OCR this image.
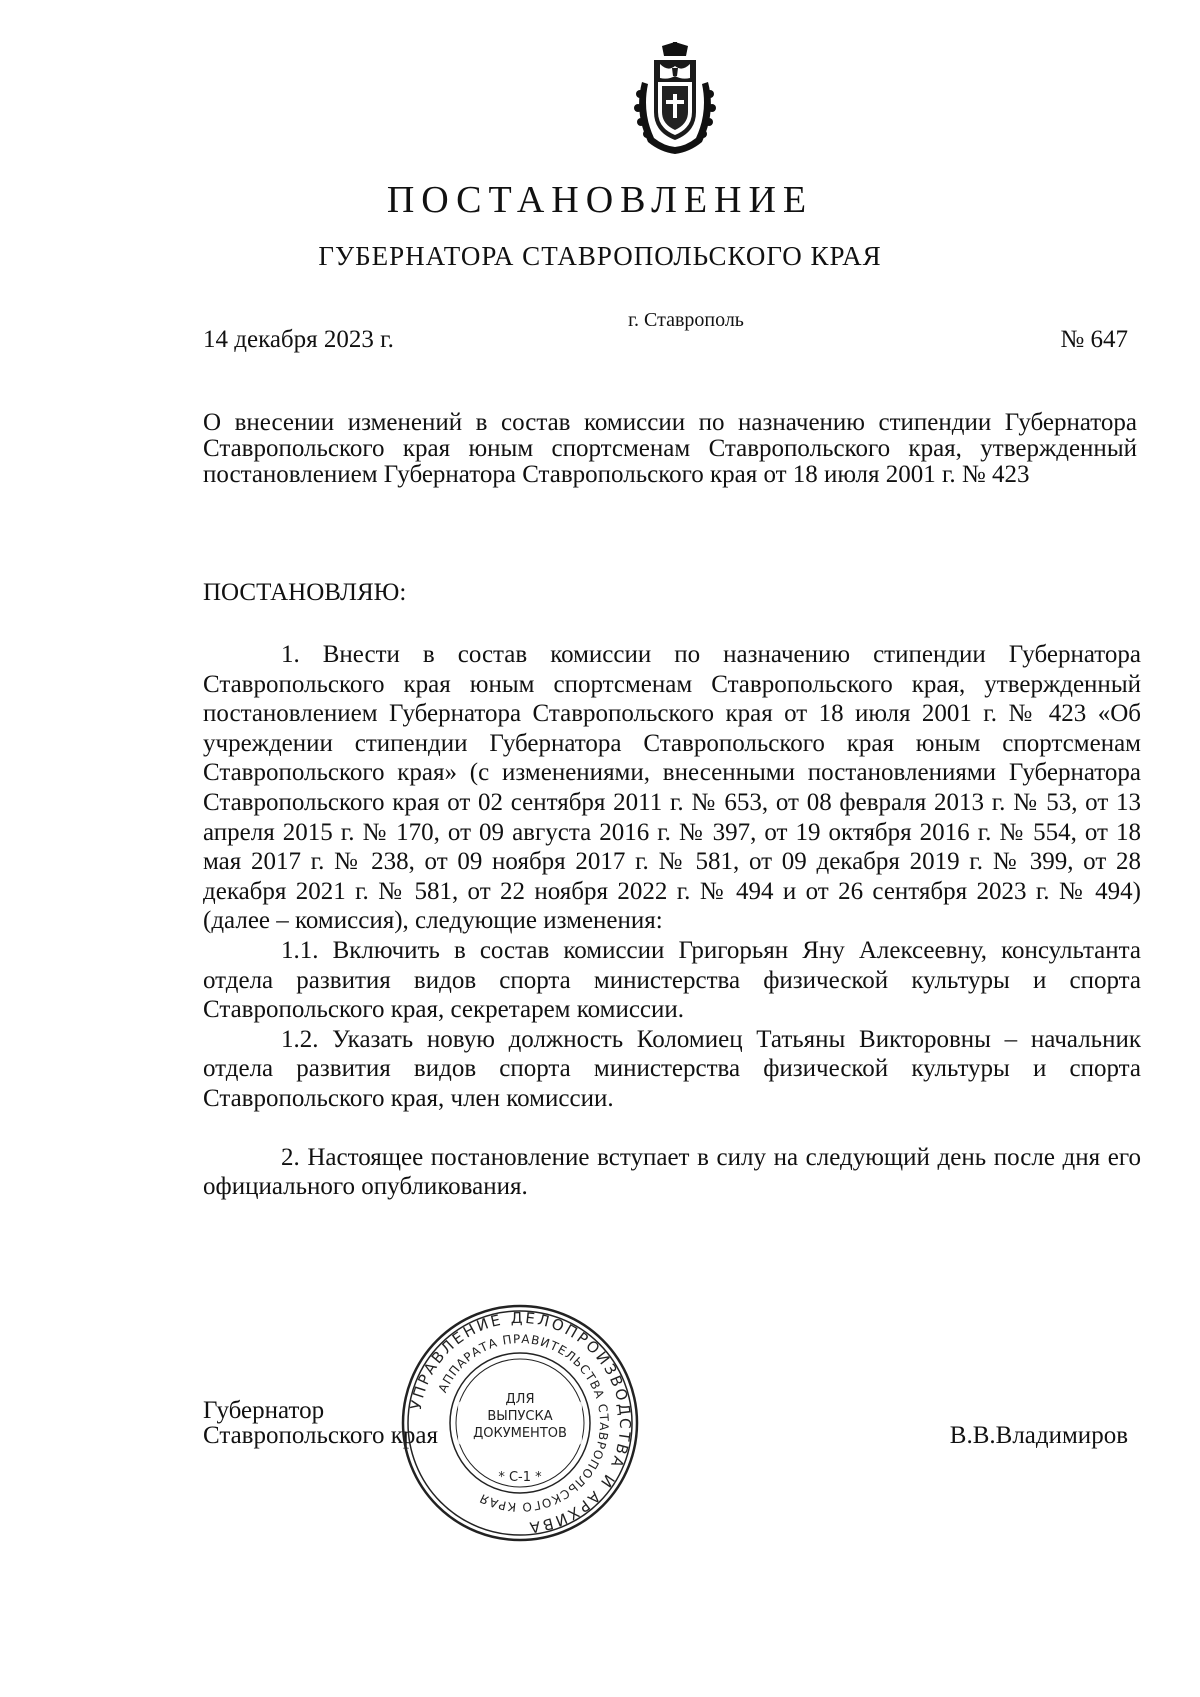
ПОСТАНОВЛЕНИЕ
ГУБЕРНАТОРА СТАВРОПОЛЬСКОГО КРАЯ
14 декабря 2023 г.
г. Ставрополь
№ 647
О внесении изменений в состав комиссии по назначению стипендии Губернатора Ставропольского края юным спортсменам Ставропольского края, утвержденный постановлением Губернатора Ставропольского края от 18 июля 2001 г. № 423
ПОСТАНОВЛЯЮ:

1. Внести в состав комиссии по назначению стипендии Губернатора Ставропольского края юным спортсменам Ставропольского края, утвержденный постановлением Губернатора Ставропольского края от 18 июля 2001 г. № 423 «Об учреждении стипендии Губернатора Ставропольского края юным спортсменам Ставропольского края» (с изменениями, внесенными постановлениями Губернатора Ставропольского края от 02 сентября 2011 г. № 653, от 08 февраля 2013 г. № 53, от 13 апреля 2015 г. № 170, от 09 августа 2016 г. № 397, от 19 октября 2016 г. № 554, от 18 мая 2017 г. № 238, от 09 ноября 2017 г. № 581, от 09 декабря 2019 г. № 399, от 28 декабря 2021 г. № 581, от 22 ноября 2022 г. № 494 и от 26 сентября 2023 г. № 494) (далее – комиссия), следующие изменения:

1.1. Включить в состав комиссии Григорьян Яну Алексеевну, консультанта отдела развития видов спорта министерства физической культуры и спорта Ставропольского края, секретарем комиссии.

1.2. Указать новую должность Коломиец Татьяны Викторовны – начальник отдела развития видов спорта министерства физической культуры и спорта Ставропольского края, член комиссии.

2. Настоящее постановление вступает в силу на следующий день после дня его официального опубликования.

Губернатор
Ставропольского края	В.В.Владимиров
УПРАВЛЕНИЕ ДЕЛОПРОИЗВОДСТВА И АРХИВА
АППАРАТА ПРАВИТЕЛЬСТВА СТАВРОПОЛЬСКОГО КРАЯ
ДЛЯ
ВЫПУСКА
ДОКУМЕНТОВ
* С-1 *
